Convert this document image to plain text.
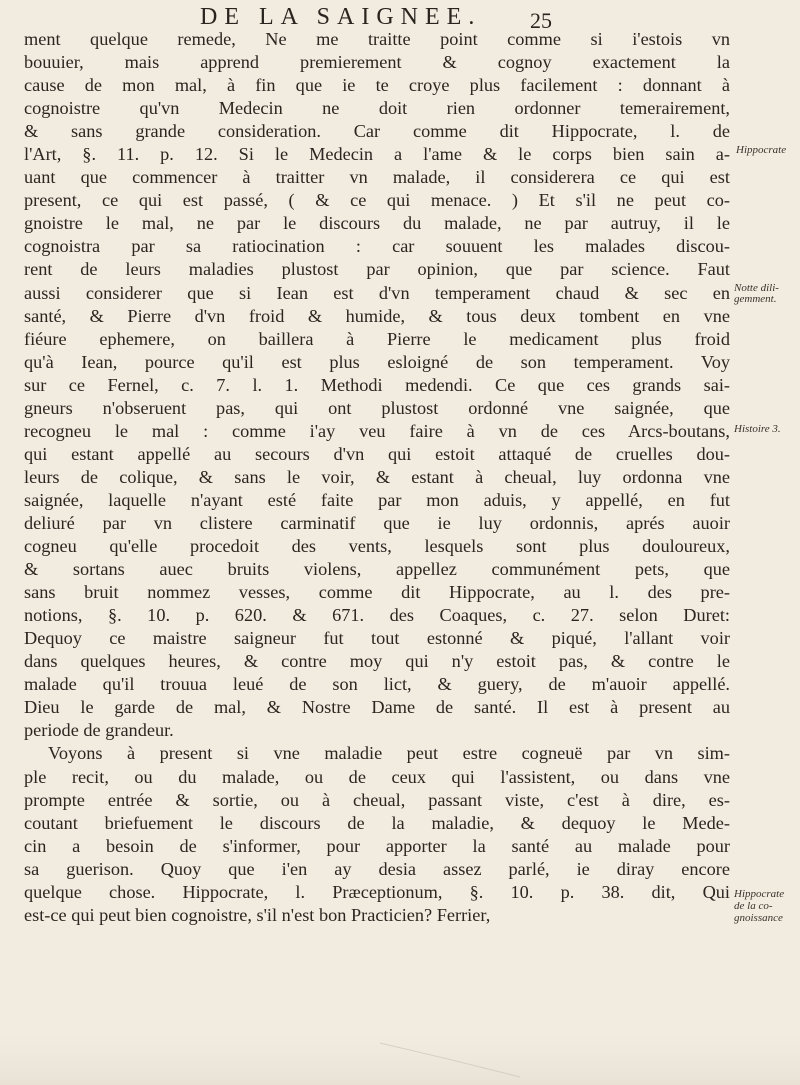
DE LA SAIGNEE. 25
ment quelque remede, Ne me traitte point comme si i'estois vn
bouuier, mais apprend premierement & cognoy exactement la
cause de mon mal, à fin que ie te croye plus facilement : donnant à
cognoistre qu'vn Medecin ne doit rien ordonner temerairement,
& sans grande consideration. Car comme dit Hippocrate, l. de
l'Art, §. 11. p. 12. Si le Medecin a l'ame & le corps bien sain a-
uant que commencer à traitter vn malade, il considerera ce qui est
present, ce qui est passé, ( & ce qui menace. ) Et s'il ne peut co-
gnoistre le mal, ne par le discours du malade, ne par autruy, il le
cognoistra par sa ratiocination : car souuent les malades discou-
rent de leurs maladies plustost par opinion, que par science. Faut
aussi considerer que si Iean est d'vn temperament chaud & sec en
santé, & Pierre d'vn froid & humide, & tous deux tombent en vne
fiéure ephemere, on baillera à Pierre le medicament plus froid
qu'à Iean, pource qu'il est plus esloigné de son temperament. Voy
sur ce Fernel, c. 7. l. 1. Methodi medendi. Ce que ces grands sai-
gneurs n'obseruent pas, qui ont plustost ordonné vne saignée, que
recogneu le mal : comme i'ay veu faire à vn de ces Arcs-boutans,
qui estant appellé au secours d'vn qui estoit attaqué de cruelles dou-
leurs de colique, & sans le voir, & estant à cheual, luy ordonna vne
saignée, laquelle n'ayant esté faite par mon aduis, y appellé, en fut
deliuré par vn clistere carminatif que ie luy ordonnis, aprés auoir
cogneu qu'elle procedoit des vents, lesquels sont plus douloureux,
& sortans auec bruits violens, appellez communément pets, que
sans bruit nommez vesses, comme dit Hippocrate, au l. des pre-
notions, §. 10. p. 620. & 671. des Coaques, c. 27. selon Duret:
Dequoy ce maistre saigneur fut tout estonné & piqué, l'allant voir
dans quelques heures, & contre moy qui n'y estoit pas, & contre le
malade qu'il trouua leué de son lict, & guery, de m'auoir appellé.
Dieu le garde de mal, & Nostre Dame de santé. Il est à present au
periode de grandeur.
Voyons à present si vne maladie peut estre cogneuë par vn sim-
ple recit, ou du malade, ou de ceux qui l'assistent, ou dans vne
prompte entrée & sortie, ou à cheual, passant viste, c'est à dire, es-
coutant briefuement le discours de la maladie, & dequoy le Mede-
cin a besoin de s'informer, pour apporter la santé au malade pour
sa guerison. Quoy que i'en ay desia assez parlé, ie diray encore
quelque chose. Hippocrate, l. Præceptionum, §. 10. p. 38. dit, Qui
est-ce qui peut bien cognoistre, s'il n'est bon Practicien? Ferrier,
Hippocrate
Notte dili-
gemment.
Histoire 3.
Hippocrate
de la co-
gnoissance
